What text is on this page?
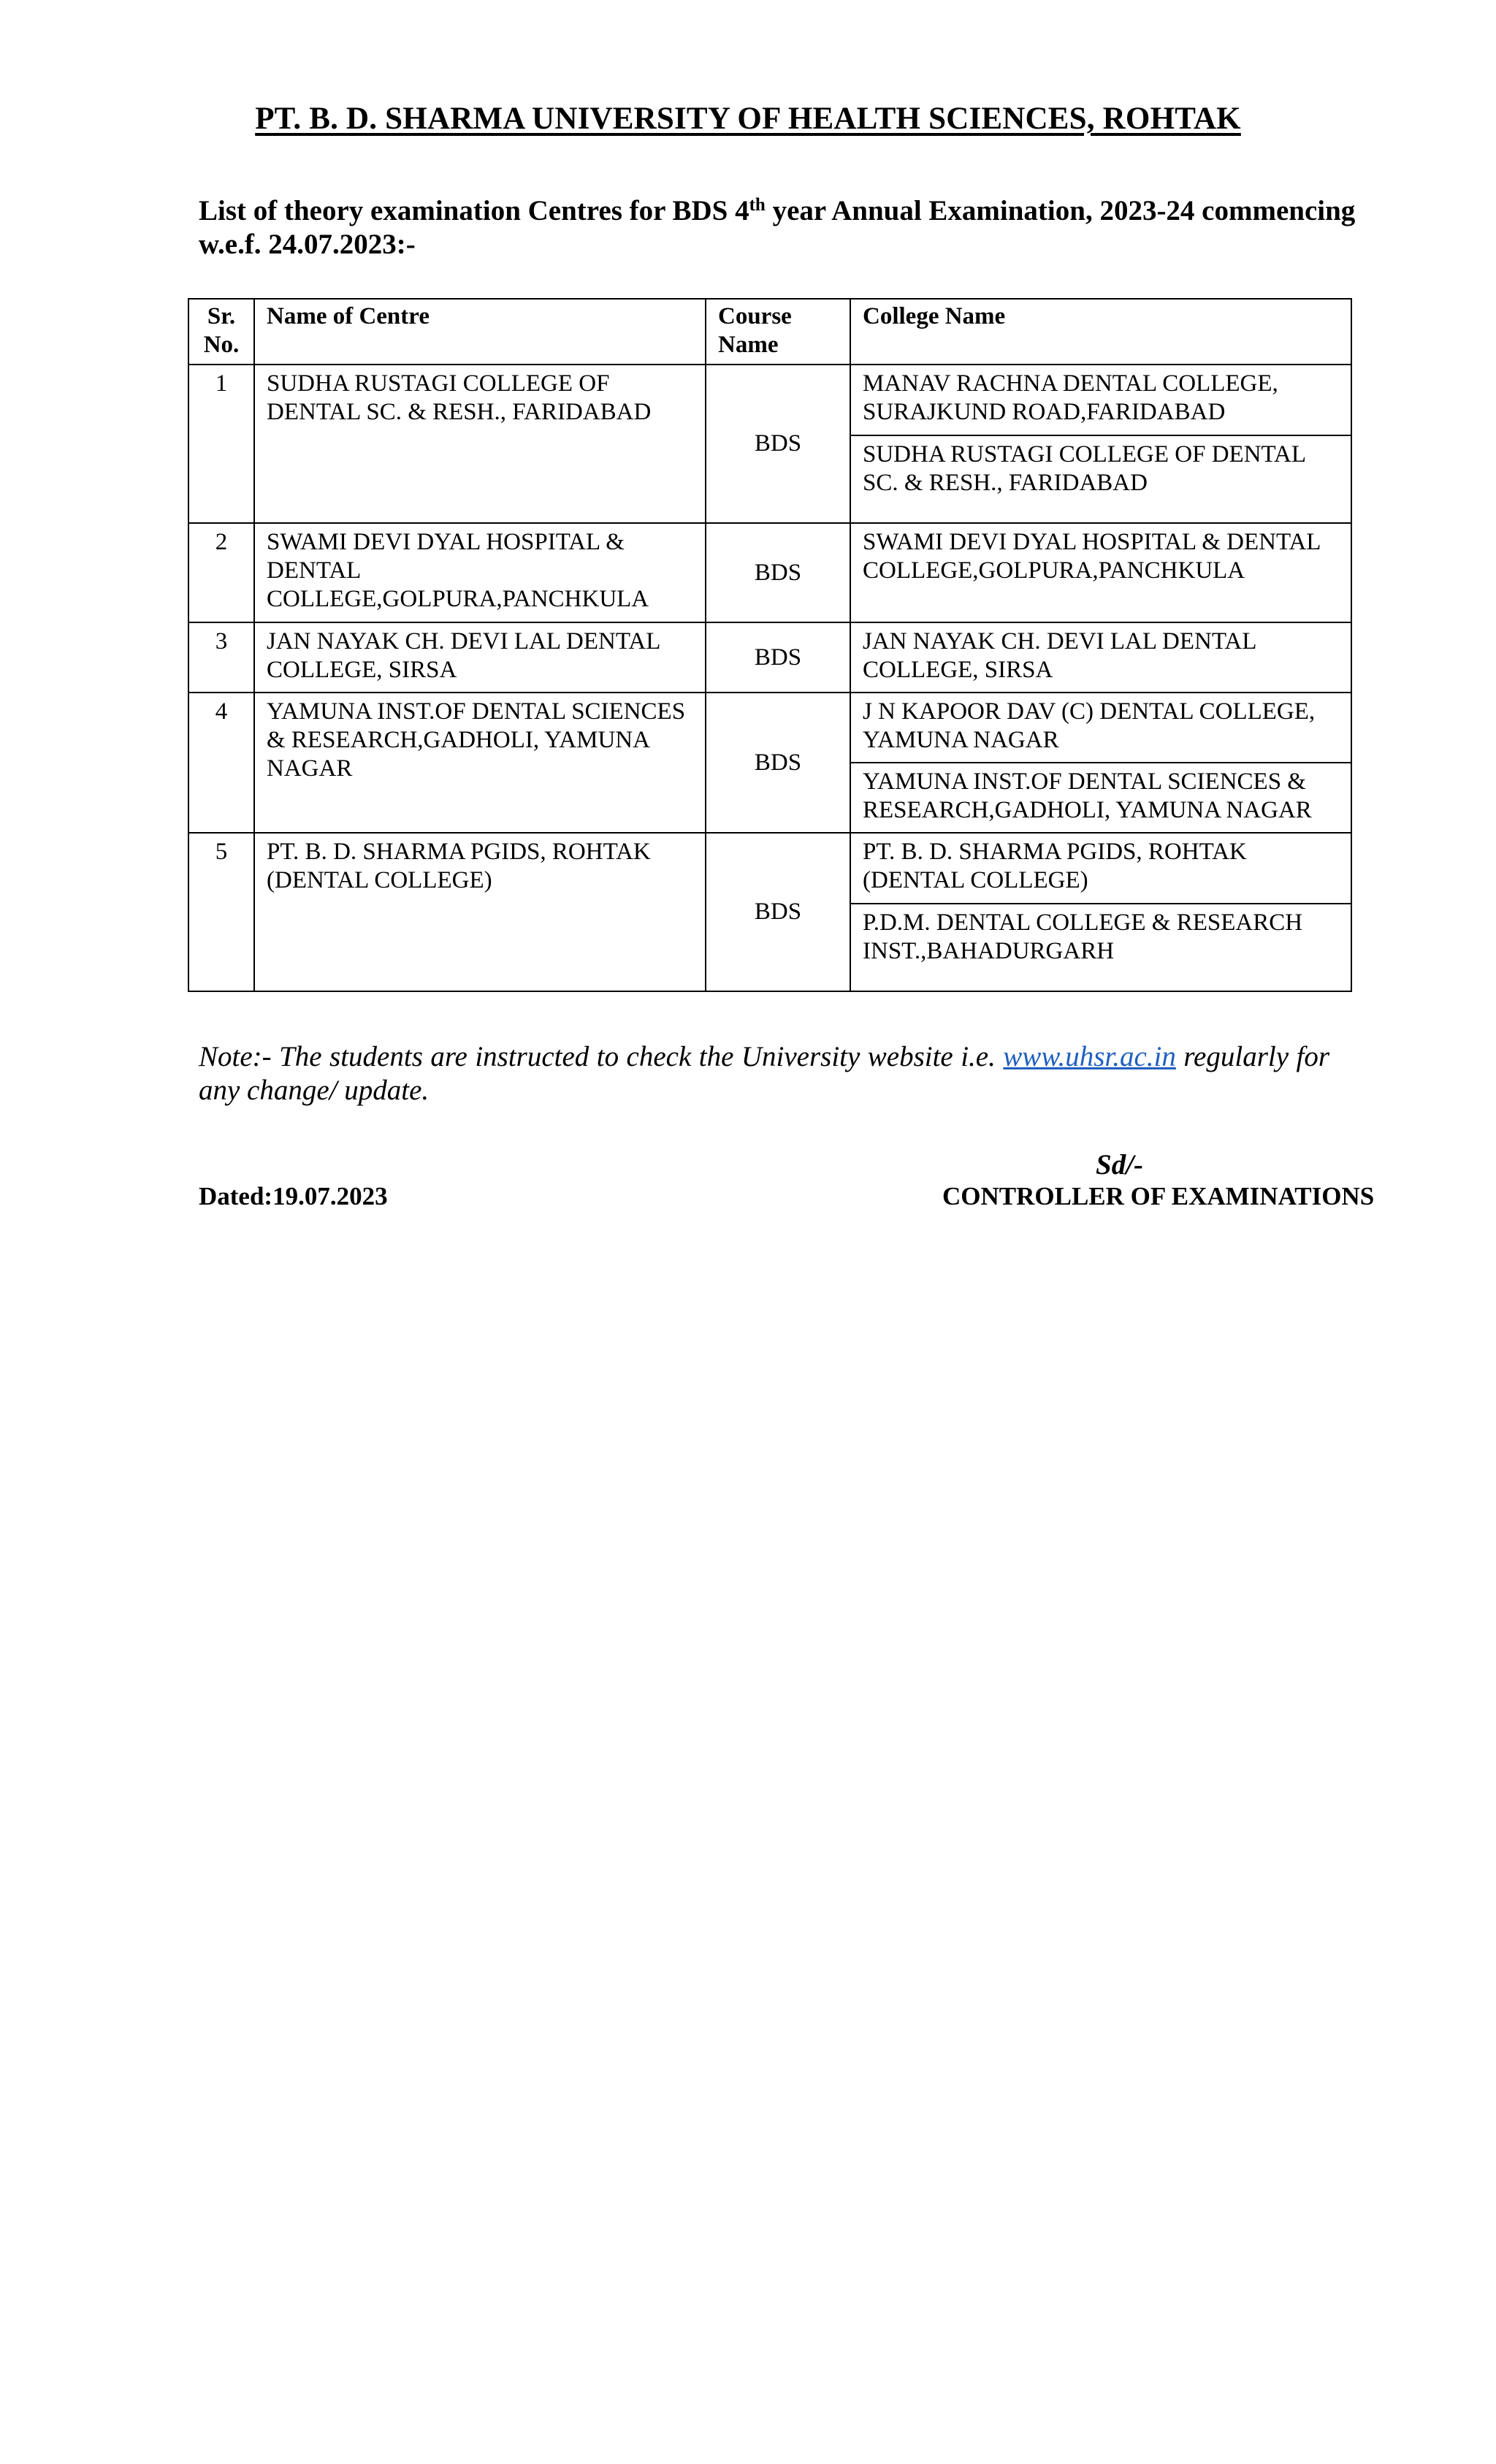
PT. B. D. SHARMA UNIVERSITY OF HEALTH SCIENCES, ROHTAK

List of theory examination Centres for BDS 4th year Annual Examination, 2023-24 commencing w.e.f. 24.07.2023:-

Sr. No.	Name of Centre	Course Name	College Name
1	SUDHA RUSTAGI COLLEGE OF DENTAL SC. & RESH., FARIDABAD	BDS	MANAV RACHNA DENTAL COLLEGE, SURAJKUND ROAD,FARIDABAD
			SUDHA RUSTAGI COLLEGE OF DENTAL SC. & RESH., FARIDABAD
2	SWAMI DEVI DYAL HOSPITAL & DENTAL COLLEGE,GOLPURA,PANCHKULA	BDS	SWAMI DEVI DYAL HOSPITAL & DENTAL COLLEGE,GOLPURA,PANCHKULA
3	JAN NAYAK CH. DEVI LAL DENTAL COLLEGE, SIRSA	BDS	JAN NAYAK CH. DEVI LAL DENTAL COLLEGE, SIRSA
4	YAMUNA INST.OF DENTAL SCIENCES & RESEARCH,GADHOLI, YAMUNA NAGAR	BDS	J N KAPOOR DAV (C) DENTAL COLLEGE, YAMUNA NAGAR
			YAMUNA INST.OF DENTAL SCIENCES & RESEARCH,GADHOLI, YAMUNA NAGAR
5	PT. B. D. SHARMA PGIDS, ROHTAK (DENTAL COLLEGE)	BDS	PT. B. D. SHARMA PGIDS, ROHTAK (DENTAL COLLEGE)
			P.D.M. DENTAL COLLEGE & RESEARCH INST.,BAHADURGARH

Note:- The students are instructed to check the University website i.e. www.uhsr.ac.in regularly for any change/ update.

Sd/-

Dated:19.07.2023	CONTROLLER OF EXAMINATIONS
